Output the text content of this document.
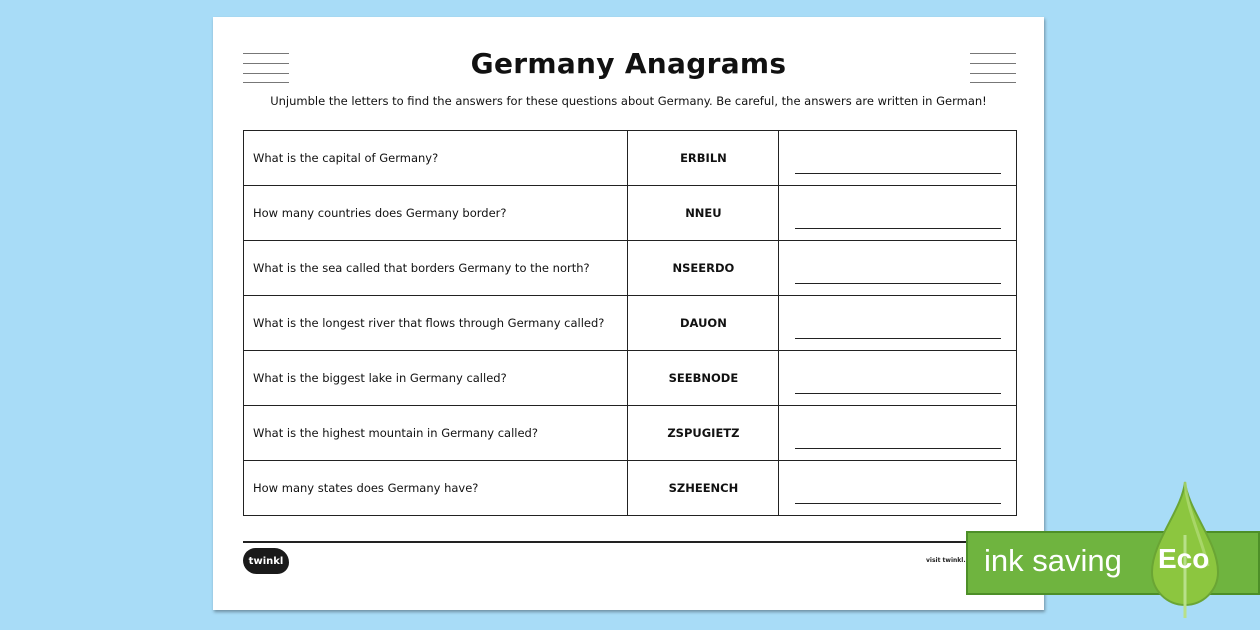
Germany Anagrams
Unjumble the letters to find the answers for these questions about Germany. Be careful, the answers are written in German!
What is the capital of Germany?	ERBILN	

How many countries does Germany border?	NNEU	

What is the sea called that borders Germany to the north?	NSEERDO	

What is the longest river that flows through Germany called?	DAUON	

What is the biggest lake in Germany called?	SEEBNODE	

What is the highest mountain in Germany called?	ZSPUGIETZ	

How many states does Germany have?	SZHEENCH	
twinkl	visit twinkl. ink saving Eco
